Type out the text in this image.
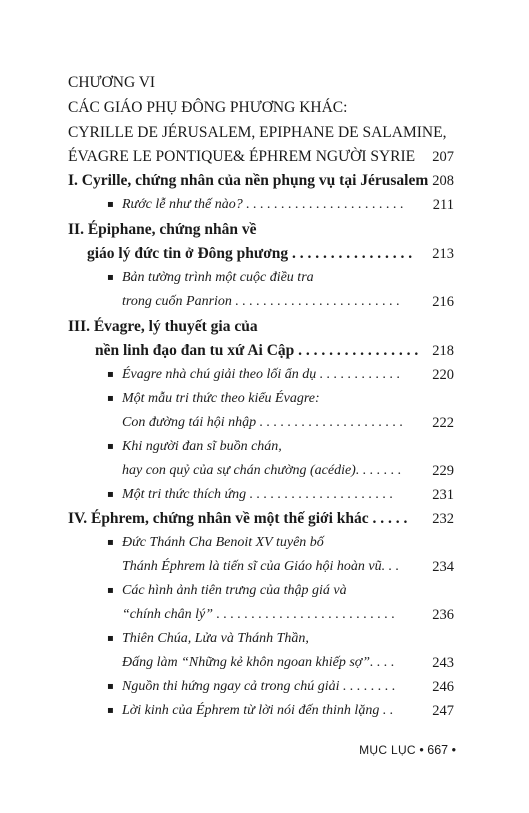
CHƯƠNG VI
CÁC GIÁO PHỤ ĐÔNG PHƯƠNG KHÁC:
CYRILLE DE JÉRUSALEM, EPIPHANE DE SALAMINE,
ÉVAGRE LE PONTIQUE& ÉPHREM NGƯỜI SYRIE	207
I. Cyrille, chứng nhân của nền phụng vụ tại Jérusalem 208
▪ Rước lễ như thế nào? . . . . . . . . . . . . . . . . . . . . . . .	211
II. Épiphane, chứng nhân về
giáo lý đức tin ở Đông phương . . . . . . . . . . . . . . . .	213
▪ Bản tường trình một cuộc điều tra
trong cuốn Panrion . . . . . . . . . . . . . . . . . . . . . . . .	216
III. Évagre, lý thuyết gia của
nền linh đạo đan tu xứ Ai Cập . . . . . . . . . . . . . . . . 218
▪ Évagre nhà chú giải theo lối ẩn dụ . . . . . . . . . . . .	220
▪ Một mẫu tri thức theo kiểu Évagre:
Con đường tái hội nhập . . . . . . . . . . . . . . . . . . . . .	222
▪ Khi người đan sĩ buồn chán,
hay con quỷ của sự chán chường (acédie). . . . . . .	229
▪ Một tri thức thích ứng . . . . . . . . . . . . . . . . . . . . .	231
IV. Éphrem, chứng nhân về một thế giới khác . . . . .	232
▪ Đức Thánh Cha Benoit XV tuyên bố
Thánh Éphrem là tiến sĩ của Giáo hội hoàn vũ. . .	234
▪ Các hình ảnh tiên trưng của thập giá và
“chính chân lý” . . . . . . . . . . . . . . . . . . . . . . . . . .	236
▪ Thiên Chúa, Lửa và Thánh Thần,
Đấng làm “Những kẻ khôn ngoan khiếp sợ”. . . .	243
▪ Nguồn thi hứng ngay cả trong chú giải . . . . . . . .	246
▪ Lời kinh của Éphrem từ lời nói đến thinh lặng . .	247
MỤC LỤC • 667 •
